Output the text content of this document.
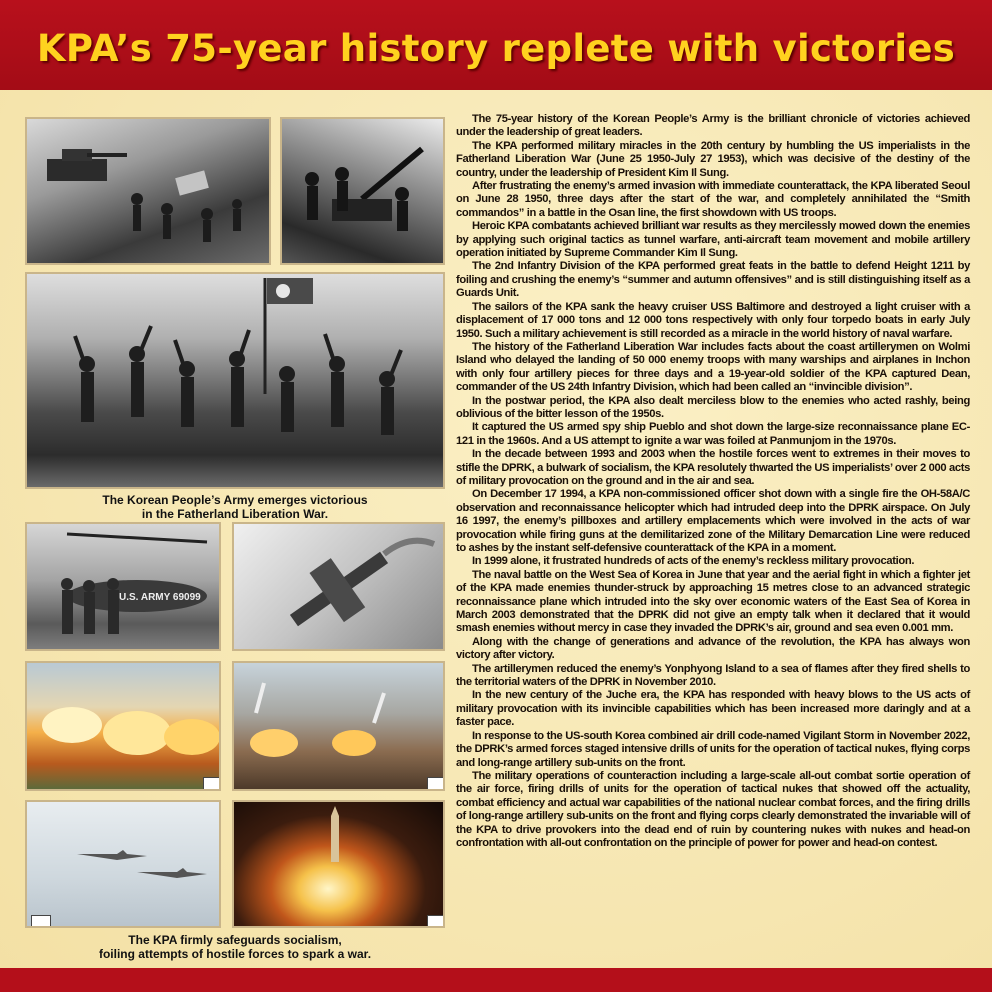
KPA’s 75-year history replete with victories
The Korean People’s Army emerges victorious
in the Fatherland Liberation War.
U.S. ARMY 69099
The KPA firmly safeguards socialism,
foiling attempts of hostile forces to spark a war.

The 75-year history of the Korean People’s Army is the brilliant chronicle of victories achieved under the leadership of great leaders.

The KPA performed military miracles in the 20th century by humbling the US imperialists in the Fatherland Liberation War (June 25 1950-July 27 1953), which was decisive of the destiny of the country, under the leadership of President Kim Il Sung.

After frustrating the enemy’s armed invasion with immediate counterattack, the KPA liberated Seoul on June 28 1950, three days after the start of the war, and completely annihilated the “Smith commandos” in a battle in the Osan line, the first showdown with US troops.

Heroic KPA combatants achieved brilliant war results as they mercilessly mowed down the enemies by applying such original tactics as tunnel warfare, anti-aircraft team movement and mobile artillery operation initiated by Supreme Commander Kim Il Sung.

The 2nd Infantry Division of the KPA performed great feats in the battle to defend Height 1211 by foiling and crushing the enemy’s “summer and autumn offensives” and is still distinguishing itself as a Guards Unit.

The sailors of the KPA sank the heavy cruiser USS Baltimore and destroyed a light cruiser with a displacement of 17 000 tons and 12 000 tons respectively with only four torpedo boats in early July 1950. Such a military achievement is still recorded as a miracle in the world history of naval warfare.

The history of the Fatherland Liberation War includes facts about the coast artillerymen on Wolmi Island who delayed the landing of 50 000 enemy troops with many warships and airplanes in Inchon with only four artillery pieces for three days and a 19-year-old soldier of the KPA captured Dean, commander of the US 24th Infantry Division, which had been called an “invincible division”.

In the postwar period, the KPA also dealt merciless blow to the enemies who acted rashly, being oblivious of the bitter lesson of the 1950s.

It captured the US armed spy ship Pueblo and shot down the large-size reconnaissance plane EC-121 in the 1960s. And a US attempt to ignite a war was foiled at Panmunjom in the 1970s.

In the decade between 1993 and 2003 when the hostile forces went to extremes in their moves to stifle the DPRK, a bulwark of socialism, the KPA resolutely thwarted the US imperialists’ over 2 000 acts of military provocation on the ground and in the air and sea.

On December 17 1994, a KPA non-commissioned officer shot down with a single fire the OH-58A/C observation and reconnaissance helicopter which had intruded deep into the DPRK airspace. On July 16 1997, the enemy’s pillboxes and artillery emplacements which were involved in the acts of war provocation while firing guns at the demilitarized zone of the Military Demarcation Line were reduced to ashes by the instant self-defensive counterattack of the KPA in a moment.

In 1999 alone, it frustrated hundreds of acts of the enemy’s reckless military provocation.

The naval battle on the West Sea of Korea in June that year and the aerial fight in which a fighter jet of the KPA made enemies thunder-struck by approaching 15 metres close to an advanced strategic reconnaissance plane which intruded into the sky over economic waters of the East Sea of Korea in March 2003 demonstrated that the DPRK did not give an empty talk when it declared that it would smash enemies without mercy in case they invaded the DPRK’s air, ground and sea even 0.001 mm.

Along with the change of generations and advance of the revolution, the KPA has always won victory after victory.

The artillerymen reduced the enemy’s Yonphyong Island to a sea of flames after they fired shells to the territorial waters of the DPRK in November 2010.

In the new century of the Juche era, the KPA has responded with heavy blows to the US acts of military provocation with its invincible capabilities which has been increased more daringly and at a faster pace.

In response to the US-south Korea combined air drill code-named Vigilant Storm in November 2022, the DPRK’s armed forces staged intensive drills of units for the operation of tactical nukes, flying corps and long-range artillery sub-units on the front.

The military operations of counteraction including a large-scale all-out combat sortie operation of the air force, firing drills of units for the operation of tactical nukes that showed off the actuality, combat efficiency and actual war capabilities of the national nuclear combat forces, and the firing drills of long-range artillery sub-units on the front and flying corps clearly demonstrated the invariable will of the KPA to drive provokers into the dead end of ruin by countering nukes with nukes and head-on confrontation with all-out confrontation on the principle of power for power and head-on contest.
